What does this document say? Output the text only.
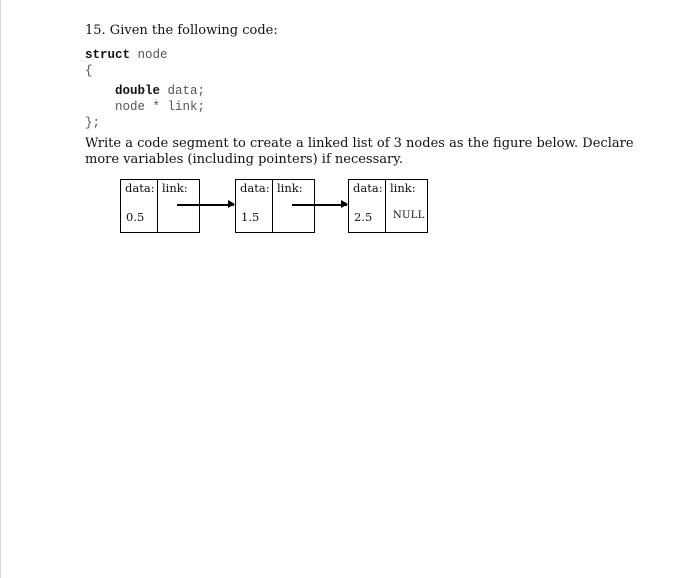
15. Given the following code:

struct node
{
double data;
node * link;
};

Write a code segment to create a linked list of 3 nodes as the figure below. Declare more variables (including pointers) if necessary.

data:
0.5
link:	data:
1.5
link:	data:
2.5
link:
NULL
